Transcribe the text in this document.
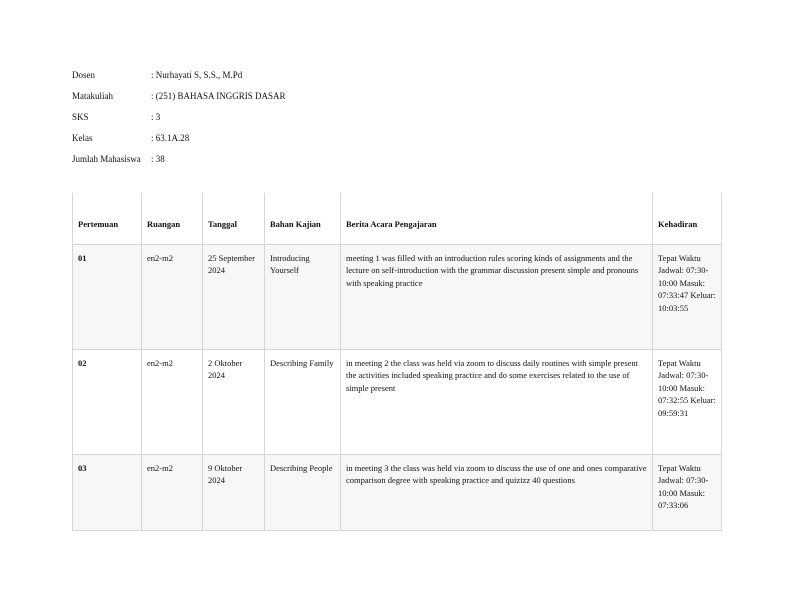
Dosen	: Nurhayati S, S.S., M.Pd
Matakuliah	: (251) BAHASA INGGRIS DASAR
SKS	: 3
Kelas	: 63.1A.28
Jumlah Mahasiswa	: 38
Pertemuan	Ruangan	Tanggal	Bahan Kajian	Berita Acara Pengajaran	Kehadiran
01	en2-m2	25 September 2024	Introducing Yourself	meeting 1 was filled with an introduction rules scoring kinds of assignments and the lecture on self-introduction with the grammar discussion present simple and pronouns with speaking practice	Tepat Waktu Jadwal: 07:30-10:00 Masuk: 07:33:47 Keluar: 10:03:55
02	en2-m2	2 Oktober 2024	Describing Family	in meeting 2 the class was held via zoom to discuss daily routines with simple present the activities included speaking practice and do some exercises related to the use of simple present	Tepat Waktu Jadwal: 07:30-10:00 Masuk: 07:32:55 Keluar: 09:59:31
03	en2-m2	9 Oktober 2024	Describing People	in meeting 3 the class was held via zoom to discuss the use of one and ones comparative comparison degree with speaking practice and quizizz 40 questions	Tepat Waktu Jadwal: 07:30-10:00 Masuk: 07:33:06
